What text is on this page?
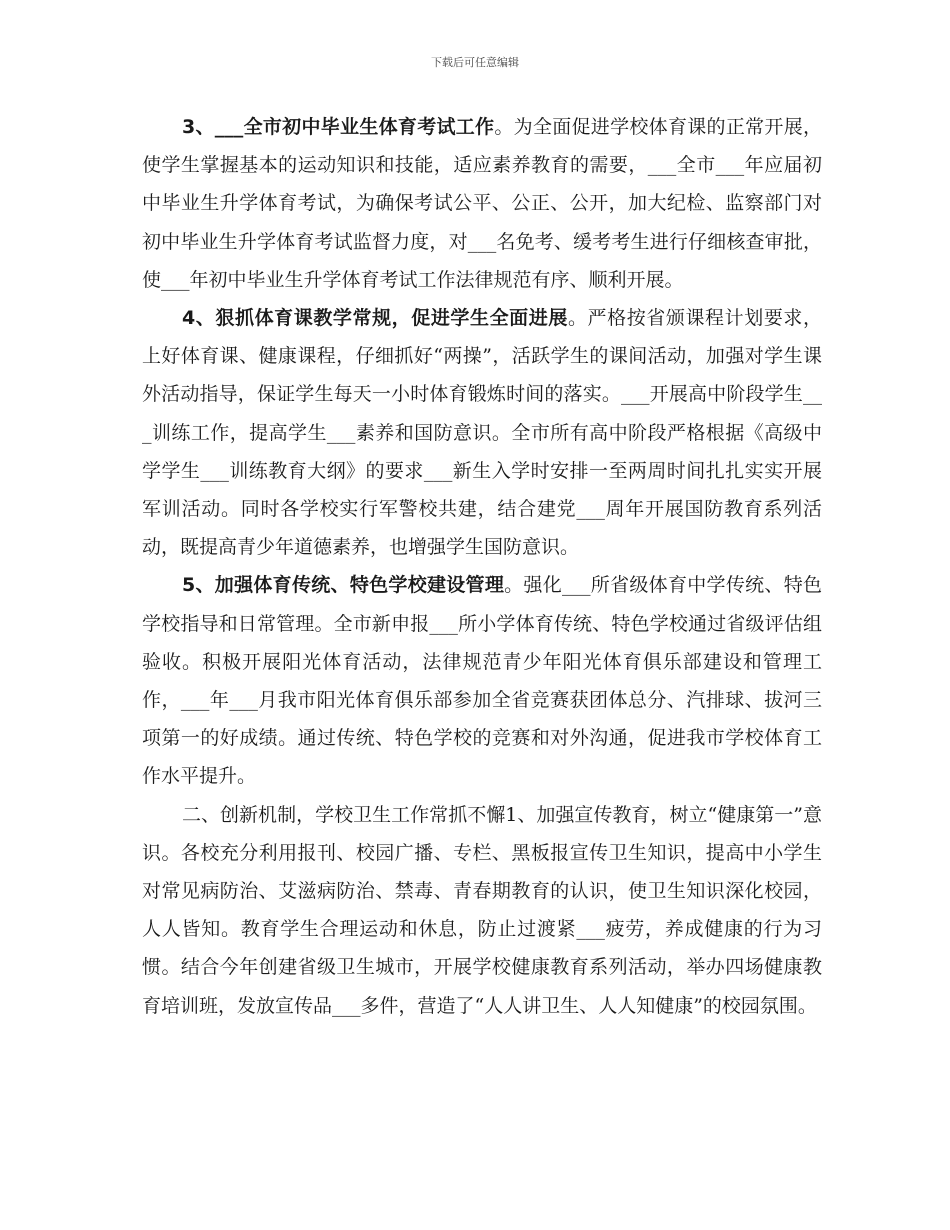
下载后可任意编辑

3、___全市初中毕业生体育考试工作。为全面促进学校体育课的正常开展，使学生掌握基本的运动知识和技能，适应素养教育的需要，___全市___年应届初中毕业生升学体育考试，为确保考试公平、公正、公开，加大纪检、监察部门对初中毕业生升学体育考试监督力度，对___名免考、缓考考生进行仔细核查审批，使___年初中毕业生升学体育考试工作法律规范有序、顺利开展。

4、狠抓体育课教学常规，促进学生全面进展。严格按省颁课程计划要求，上好体育课、健康课程，仔细抓好“两操”，活跃学生的课间活动，加强对学生课外活动指导，保证学生每天一小时体育锻炼时间的落实。___开展高中阶段学生___训练工作，提高学生___素养和国防意识。全市所有高中阶段严格根据《高级中学学生___训练教育大纲》的要求___新生入学时安排一至两周时间扎扎实实开展军训活动。同时各学校实行军警校共建，结合建党___周年开展国防教育系列活动，既提高青少年道德素养，也增强学生国防意识。

5、加强体育传统、特色学校建设管理。强化___所省级体育中学传统、特色学校指导和日常管理。全市新申报___所小学体育传统、特色学校通过省级评估组验收。积极开展阳光体育活动，法律规范青少年阳光体育俱乐部建设和管理工作，___年___月我市阳光体育俱乐部参加全省竞赛获团体总分、汽排球、拔河三项第一的好成绩。通过传统、特色学校的竞赛和对外沟通，促进我市学校体育工作水平提升。

二、创新机制，学校卫生工作常抓不懈1、加强宣传教育，树立“健康第一”意识。各校充分利用报刊、校园广播、专栏、黑板报宣传卫生知识，提高中小学生对常见病防治、艾滋病防治、禁毒、青春期教育的认识，使卫生知识深化校园，人人皆知。教育学生合理运动和休息，防止过渡紧___疲劳，养成健康的行为习惯。结合今年创建省级卫生城市，开展学校健康教育系列活动，举办四场健康教育培训班，发放宣传品___多件，营造了“人人讲卫生、人人知健康”的校园氛围。
